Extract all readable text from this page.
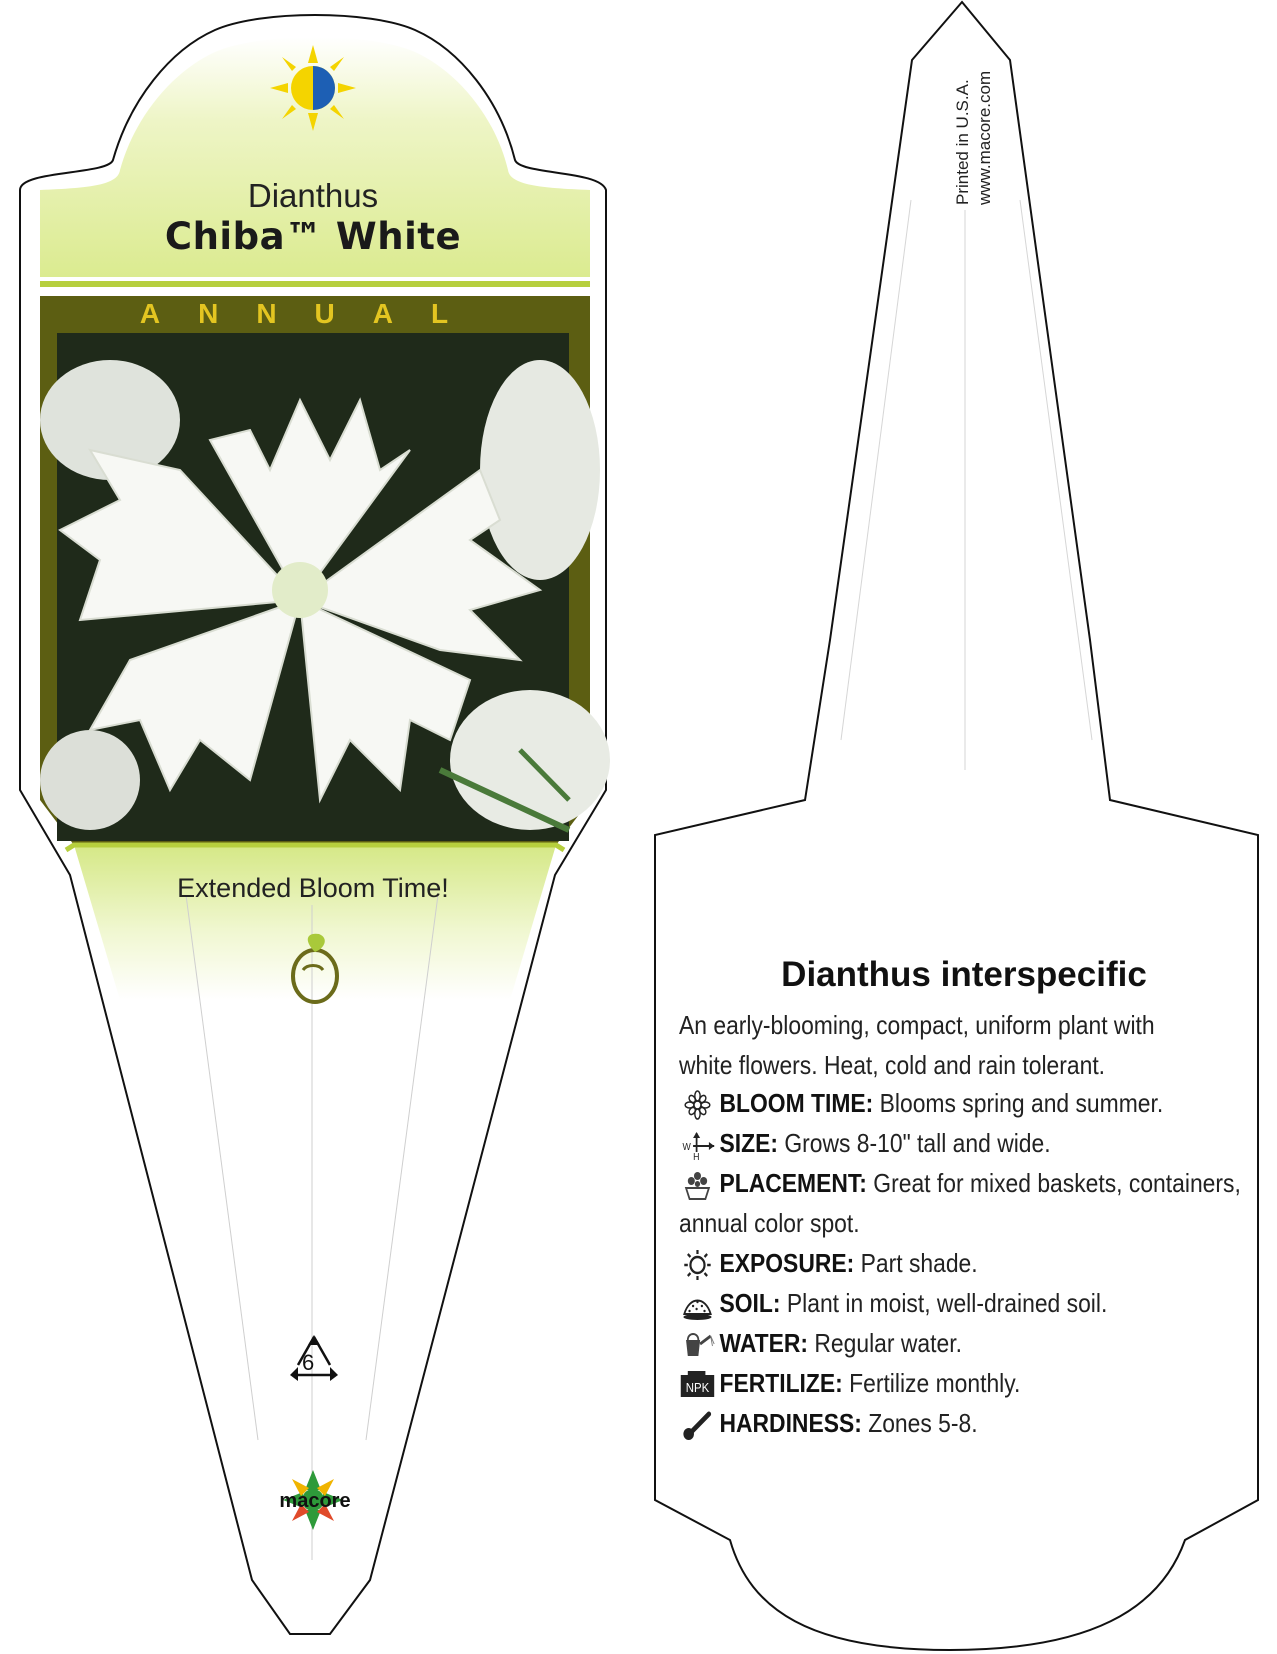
Dianthus
Chiba™ White
ANNUAL
Extended Bloom Time!
6
macore
Printed in U.S.A. www.macore.com
Dianthus interspecific
An early-blooming, compact, uniform plant with white flowers. Heat, cold and rain tolerant.
BLOOM TIME: Blooms spring and summer.
W
H SIZE: Grows 8-10" tall and wide.
PLACEMENT: Great for mixed baskets, containers,
annual color spot.
EXPOSURE: Part shade.
SOIL: Plant in moist, well-drained soil.
WATER: Regular water.
NPK FERTILIZE: Fertilize monthly.
HARDINESS: Zones 5-8.
